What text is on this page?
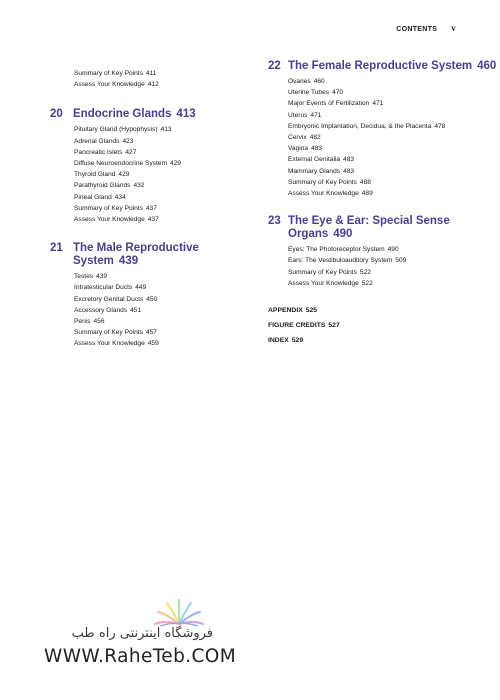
CONTENTS v
Summary of Key Points 411
Assess Your Knowledge 412
20 Endocrine Glands 413
Pituitary Gland (Hypophysis) 413
Adrenal Glands 423
Pancreatic Islets 427
Diffuse Neuroendocrine System 429
Thyroid Gland 429
Parathyroid Glands 432
Pineal Gland 434
Summary of Key Points 437
Assess Your Knowledge 437
21 The Male Reproductive
System 439
Testes 439
Intratesticular Ducts 449
Excretory Genital Ducts 450
Accessory Glands 451
Penis 456
Summary of Key Points 457
Assess Your Knowledge 459
22 The Female Reproductive System 460
Ovaries 460
Uterine Tubes 470
Major Events of Fertilization 471
Uterus 471
Embryonic Implantation, Decidua, & the Placenta 478
Cervix 482
Vagina 483
External Genitalia 483
Mammary Glands 483
Summary of Key Points 488
Assess Your Knowledge 489
23 The Eye & Ear: Special Sense
Organs 490
Eyes: The Photoreceptor System 490
Ears: The Vestibuloauditory System 509
Summary of Key Points 522
Assess Your Knowledge 522
APPENDIX 525
FIGURE CREDITS 527
INDEX 529
فروشگاه اینترنتی راه طب
WWW.RaheTeb.COM
